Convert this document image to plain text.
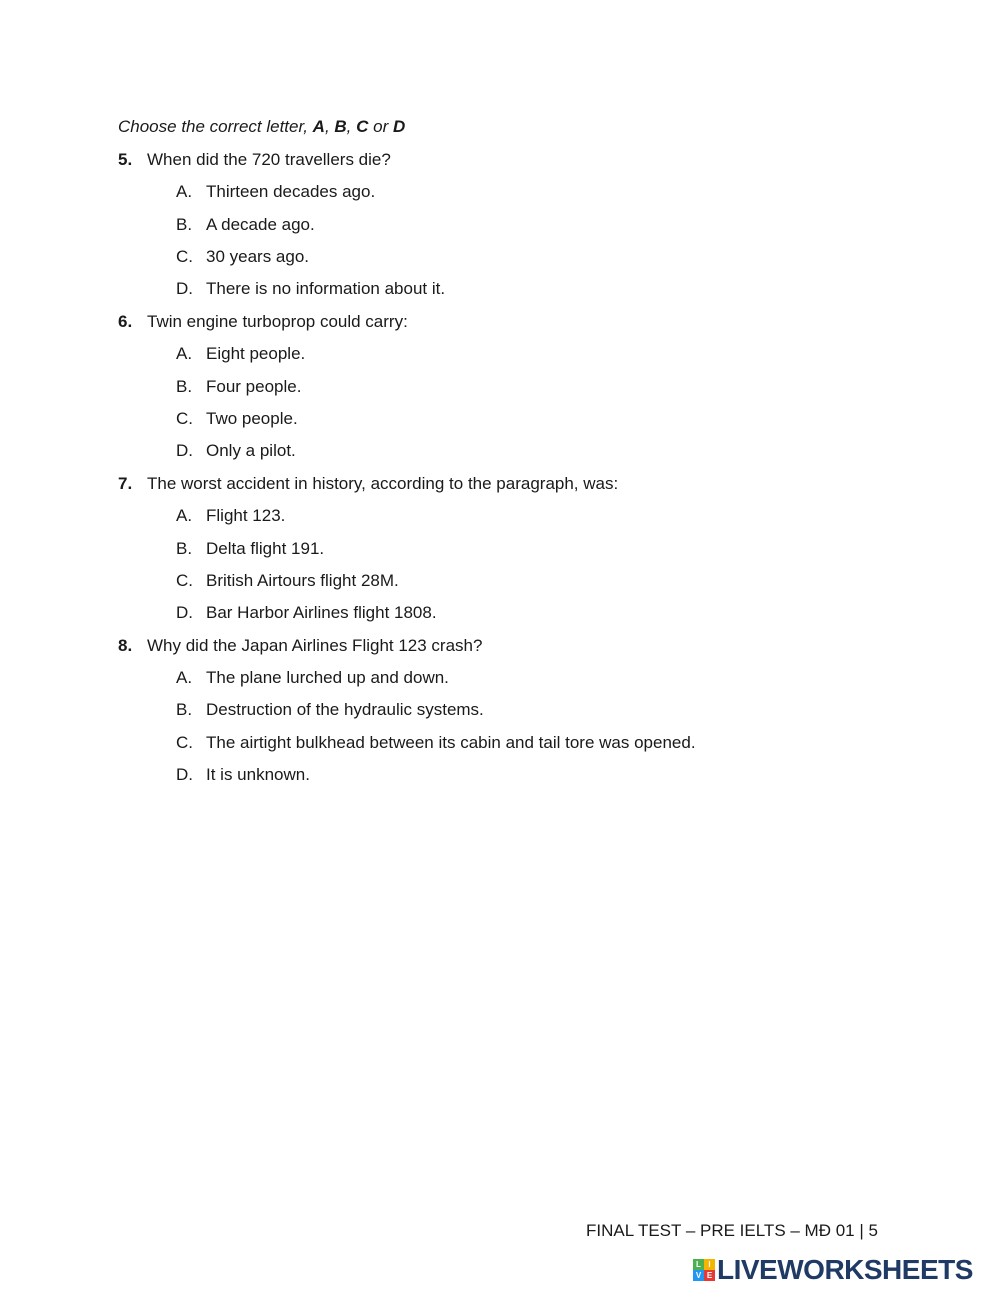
Choose the correct letter, A, B, C or D
5. When did the 720 travellers die?
A. Thirteen decades ago.
B. A decade ago.
C. 30 years ago.
D. There is no information about it.
6. Twin engine turboprop could carry:
A. Eight people.
B. Four people.
C. Two people.
D. Only a pilot.
7. The worst accident in history, according to the paragraph, was:
A. Flight 123.
B. Delta flight 191.
C. British Airtours flight 28M.
D. Bar Harbor Airlines flight 1808.
8. Why did the Japan Airlines Flight 123 crash?
A. The plane lurched up and down.
B. Destruction of the hydraulic systems.
C. The airtight bulkhead between its cabin and tail tore was opened.
D. It is unknown.
FINAL TEST – PRE IELTS – MĐ 01 | 5
L I
V E LIVEWORKSHEETS
